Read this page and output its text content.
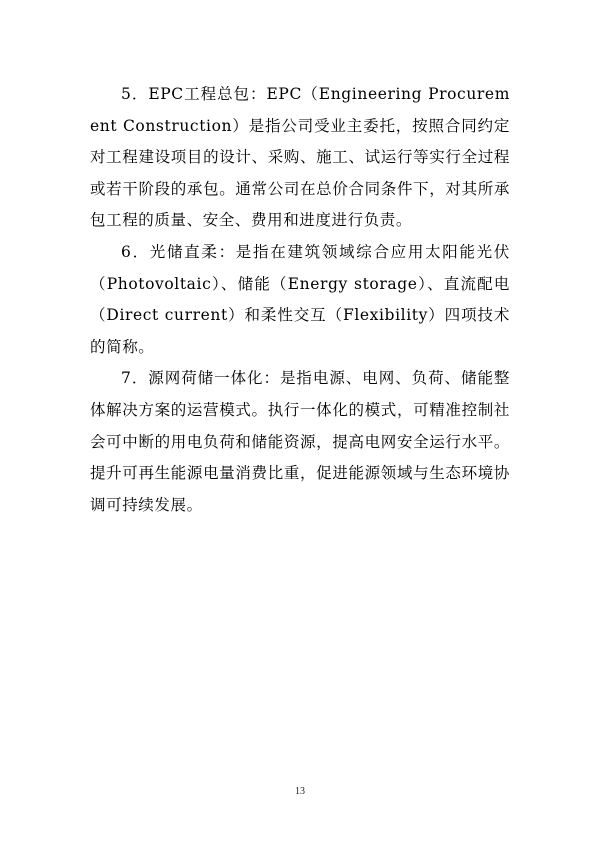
5．EPC工程总包：EPC（Engineering Procurement Construction）是指公司受业主委托，按照合同约定对工程建设项目的设计、采购、施工、试运行等实行全过程或若干阶段的承包。通常公司在总价合同条件下，对其所承包工程的质量、安全、费用和进度进行负责。

6．光储直柔：是指在建筑领域综合应用太阳能光伏（Photovoltaic）、储能（Energy storage）、直流配电（Direct current）和柔性交互（Flexibility）四项技术的简称。

7．源网荷储一体化：是指电源、电网、负荷、储能整体解决方案的运营模式。执行一体化的模式，可精准控制社会可中断的用电负荷和储能资源，提高电网安全运行水平。提升可再生能源电量消费比重，促进能源领域与生态环境协调可持续发展。

13
